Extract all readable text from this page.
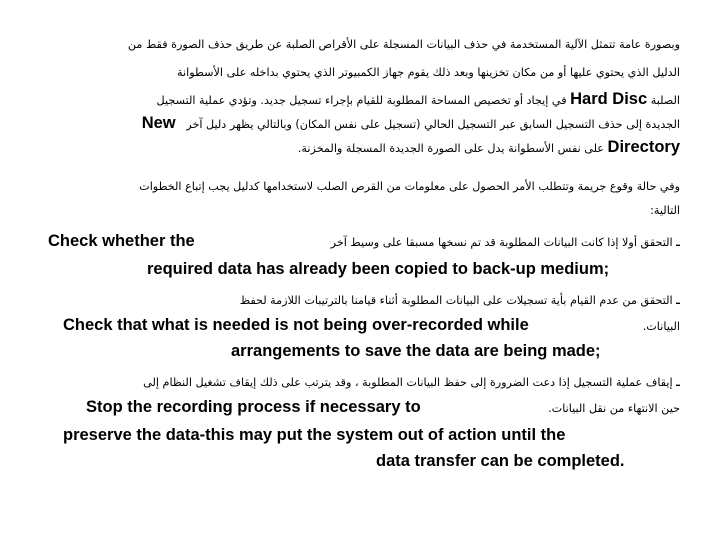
وبصورة عامة تتمثل الآلية المستخدمة في حذف البيانات المسجلة على الأقراص الصلبة عن طريق حذف الصورة فقط من
الدليل الذي يحتوي عليها أو من مكان تخزينها وبعد ذلك يقوم جهاز الكمبيوتر الذي يحتوي بداخله على الأسطوانة
الصلبة Hard Disc في إيجاد أو تخصيص المساحة المطلوبة للقيام بإجراء تسجيل جديد. وتؤدي عملية التسجيل
الجديدة إلى حذف التسجيل السابق عبر التسجيل الحالي (تسجيل على نفس المكان) وبالتالي يظهر دليل آخر   New
Directory على نفس الأسطوانة يدل على الصورة الجديدة المسجلة والمخزنة.
وفي حالة وقوع جريمة وتتطلب الأمر الحصول على معلومات من القرص الصلب لاستخدامها كدليل يجب إتباع الخطوات
التالية:
ـ التحقق أولا إذا كانت البيانات المطلوبة قد تم نسخها مسبقا على وسيط آخر
Check whether the
required data has already been copied to back-up medium;
ـ التحقق من عدم القيام بأية تسجيلات على البيانات المطلوبة أثناء قيامنا بالترتيبات اللازمة لحفظ
البيانات.
Check that what is needed is not being over-recorded while
arrangements to save the data are being made;
ـ إيقاف عملية التسجيل إذا دعت الضرورة إلى حفظ البيانات المطلوبة ، وقد يترتب على ذلك إيقاف تشغيل النظام إلى
حين الانتهاء من نقل البيانات.
Stop the recording process if necessary to
preserve the data-this may put the system out of action until the
data transfer can be completed.
